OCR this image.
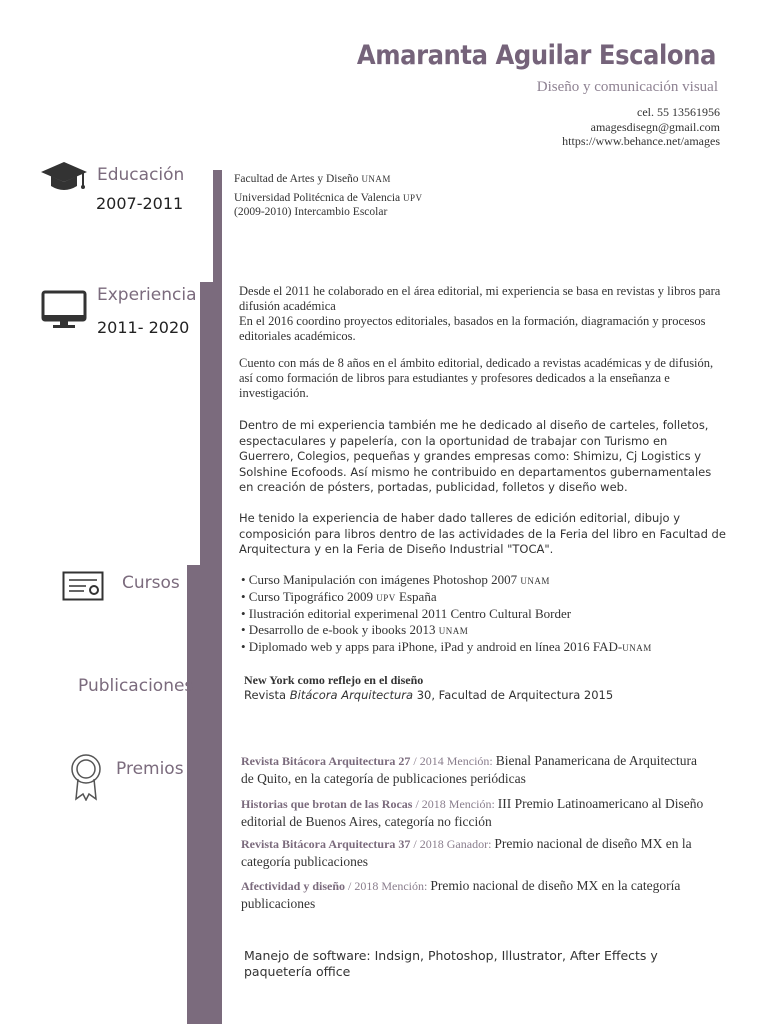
Amaranta Aguilar Escalona
Diseño y comunicación visual
cel. 55 13561956
amagesdisegn@gmail.com
https://www.behance.net/amages
Educación
2007-2011
Facultad de Artes y Diseño UNAM
Universidad Politécnica de Valencia UPV
(2009-2010) Intercambio Escolar
Experiencia
2011- 2020
Desde el 2011 he colaborado en el área editorial, mi experiencia se basa en revistas y libros para difusión académica
En el 2016 coordino proyectos editoriales, basados en la formación, diagramación y procesos editoriales académicos.
Cuento con más de 8 años en el ámbito editorial, dedicado a revistas académicas y de difusión, así como formación de libros para estudiantes y profesores dedicados a la enseñanza e investigación.
Dentro de mi experiencia también me he dedicado al diseño de carteles, folletos, espectaculares y papelería, con la oportunidad de trabajar con Turismo en Guerrero, Colegios, pequeñas y grandes empresas como: Shimizu, Cj Logistics y Solshine Ecofoods. Así mismo he contribuido en departamentos gubernamentales en creación de pósters, portadas, publicidad, folletos y diseño web.
He tenido la experiencia de haber dado talleres de edición editorial, dibujo y composición para libros dentro de las actividades de la Feria del libro en Facultad de Arquitectura y en la Feria de Diseño Industrial "TOCA".
Cursos	• Curso Manipulación con imágenes Photoshop 2007 UNAM
• Curso Tipográfico 2009 UPV España
• Ilustración editorial experimenal 2011 Centro Cultural Border
• Desarrollo de e-book y ibooks 2013 UNAM
• Diplomado web y apps para iPhone, iPad y android en línea 2016 FAD-UNAM
Publicaciones	New York como reflejo en el diseño
Revista Bitácora Arquitectura 30, Facultad de Arquitectura 2015
Premios	Revista Bitácora Arquitectura 27 / 2014 Mención: Bienal Panamericana de Arquitectura de Quito, en la categoría de publicaciones periódicas
Historias que brotan de las Rocas / 2018 Mención: III Premio Latinoamericano al Diseño editorial de Buenos Aires, categoría no ficción
Revista Bitácora Arquitectura 37 / 2018 Ganador: Premio nacional de diseño MX en la categoría publicaciones
Afectividad y diseño / 2018 Mención: Premio nacional de diseño MX en la categoría publicaciones
Manejo de software: Indsign, Photoshop, Illustrator, After Effects y paquetería office
